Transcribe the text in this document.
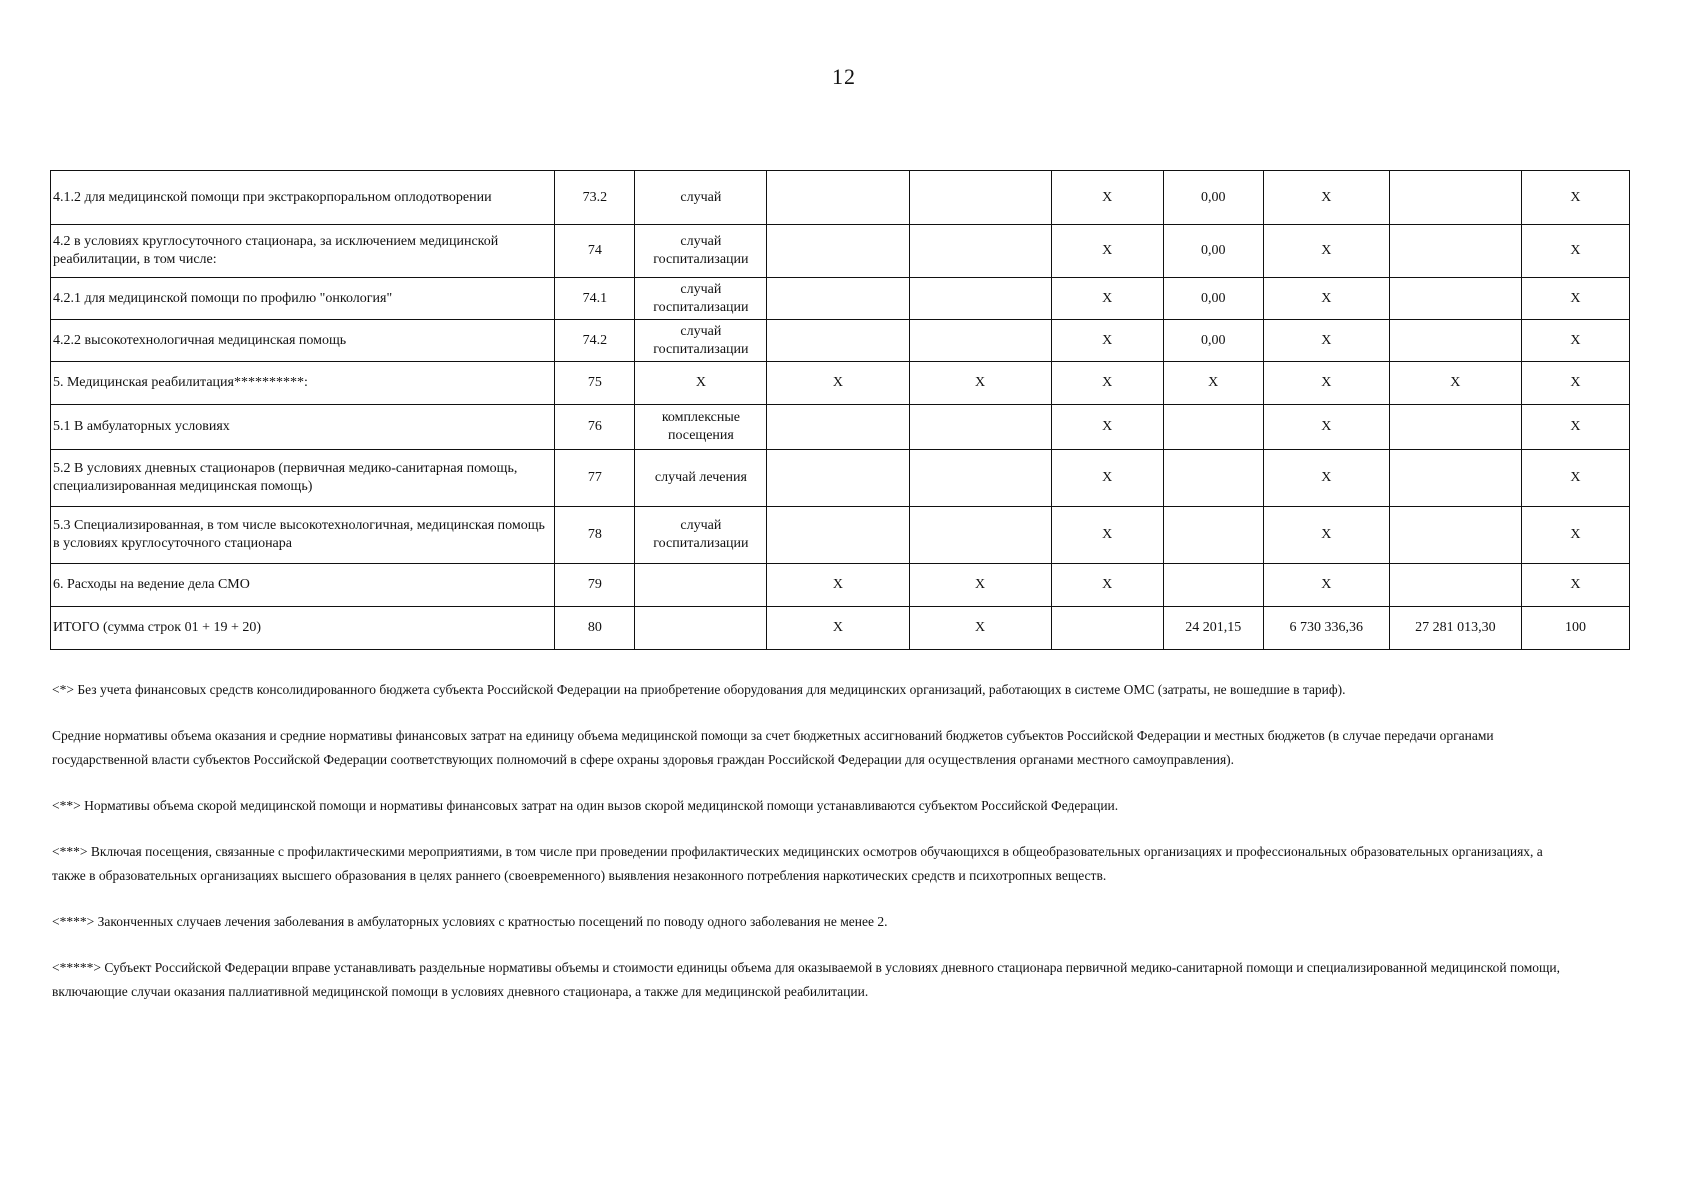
12
4.1.2 для медицинской помощи при экстракорпоральном оплодотворении	73.2	случай			Х	0,00	Х		Х
4.2 в условиях круглосуточного стационара, за исключением медицинской реабилитации, в том числе:	74	случай госпитализации			Х	0,00	Х		Х
4.2.1 для медицинской помощи по профилю "онкология"	74.1	случай госпитализации			Х	0,00	Х		Х
4.2.2 высокотехнологичная медицинская помощь	74.2	случай госпитализации			Х	0,00	Х		Х
5. Медицинская реабилитация**********:	75	Х	Х	Х	Х	Х	Х	Х	Х
5.1 В амбулаторных условиях	76	комплексные посещения			Х		Х		Х
5.2 В условиях дневных стационаров (первичная медико-санитарная помощь, специализированная медицинская помощь)	77	случай лечения			Х		Х		Х
5.3 Специализированная, в том числе высокотехнологичная, медицинская помощь в условиях круглосуточного стационара	78	случай госпитализации			Х		Х		Х
6. Расходы на ведение дела СМО	79		Х	Х	Х		Х		Х
ИТОГО (сумма строк 01 + 19 + 20)	80		Х	Х		24 201,15	6 730 336,36	27 281 013,30	100

<*> Без учета финансовых средств консолидированного бюджета субъекта Российской Федерации на приобретение оборудования для медицинских организаций, работающих в системе ОМС (затраты, не вошедшие в тариф).

Средние нормативы объема оказания и средние нормативы финансовых затрат на единицу объема медицинской помощи за счет бюджетных ассигнований бюджетов субъектов Российской Федерации и местных бюджетов (в случае передачи органами государственной власти субъектов Российской Федерации соответствующих полномочий в сфере охраны здоровья граждан Российской Федерации для осуществления органами местного самоуправления).

<**> Нормативы объема скорой медицинской помощи и нормативы финансовых затрат на один вызов скорой медицинской помощи устанавливаются субъектом Российской Федерации.

<***> Включая посещения, связанные с профилактическими мероприятиями, в том числе при проведении профилактических медицинских осмотров обучающихся в общеобразовательных организациях и профессиональных образовательных организациях, а также в образовательных организациях высшего образования в целях раннего (своевременного) выявления незаконного потребления наркотических средств и психотропных веществ.

<****> Законченных случаев лечения заболевания в амбулаторных условиях с кратностью посещений по поводу одного заболевания не менее 2.

<*****> Субъект Российской Федерации вправе устанавливать раздельные нормативы объемы и стоимости единицы объема для оказываемой в условиях дневного стационара первичной медико-санитарной помощи и специализированной медицинской помощи, включающие случаи оказания паллиативной медицинской помощи в условиях дневного стационара, а также для медицинской реабилитации.
